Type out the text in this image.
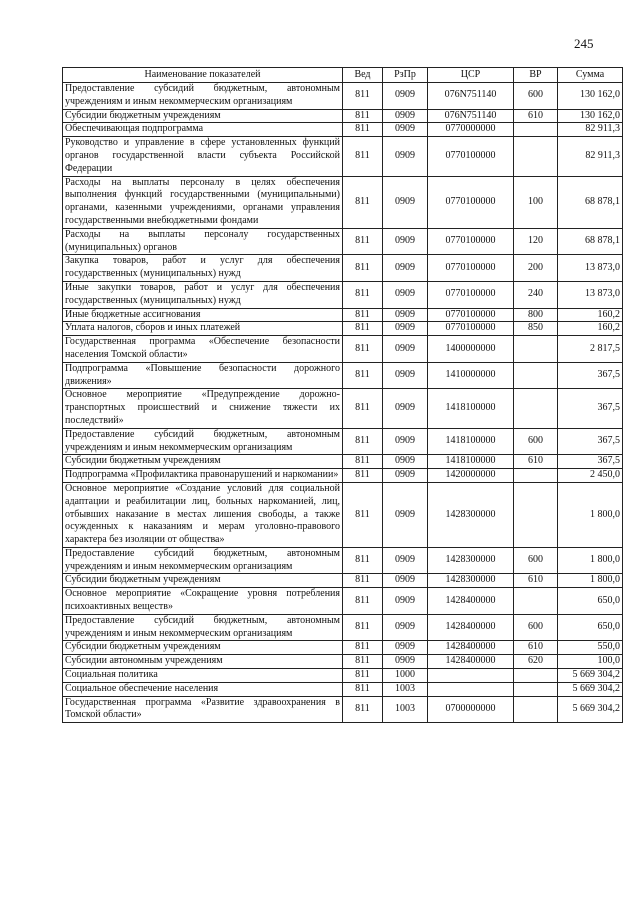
245
Наименование показателей	Вед	РзПр	ЦСР	ВР	Сумма
Предоставление субсидий бюджетным, автономным учреждениям и иным некоммерческим организациям	811	0909	076N751140	600	130 162,0
Субсидии бюджетным учреждениям	811	0909	076N751140	610	130 162,0
Обеспечивающая подпрограмма	811	0909	0770000000		82 911,3
Руководство и управление в сфере установленных функций органов государственной власти субъекта Российской Федерации	811	0909	0770100000		82 911,3
Расходы на выплаты персоналу в целях обеспечения выполнения функций государственными (муниципальными) органами, казенными учреждениями, органами управления государственными внебюджетными фондами	811	0909	0770100000	100	68 878,1
Расходы на выплаты персоналу государственных (муниципальных) органов	811	0909	0770100000	120	68 878,1
Закупка товаров, работ и услуг для обеспечения государственных (муниципальных) нужд	811	0909	0770100000	200	13 873,0
Иные закупки товаров, работ и услуг для обеспечения государственных (муниципальных) нужд	811	0909	0770100000	240	13 873,0
Иные бюджетные ассигнования	811	0909	0770100000	800	160,2
Уплата налогов, сборов и иных платежей	811	0909	0770100000	850	160,2
Государственная программа «Обеспечение безопасности населения Томской области»	811	0909	1400000000		2 817,5
Подпрограмма «Повышение безопасности дорожного движения»	811	0909	1410000000		367,5
Основное мероприятие «Предупреждение дорожно-транспортных происшествий и снижение тяжести их последствий»	811	0909	1418100000		367,5
Предоставление субсидий бюджетным, автономным учреждениям и иным некоммерческим организациям	811	0909	1418100000	600	367,5
Субсидии бюджетным учреждениям	811	0909	1418100000	610	367,5
Подпрограмма «Профилактика правонарушений и наркомании»	811	0909	1420000000		2 450,0
Основное мероприятие «Создание условий для социальной адаптации и реабилитации лиц, больных наркоманией, лиц, отбывших наказание в местах лишения свободы, а также осужденных к наказаниям и мерам уголовно-правового характера без изоляции от общества»	811	0909	1428300000		1 800,0
Предоставление субсидий бюджетным, автономным учреждениям и иным некоммерческим организациям	811	0909	1428300000	600	1 800,0
Субсидии бюджетным учреждениям	811	0909	1428300000	610	1 800,0
Основное мероприятие «Сокращение уровня потребления психоактивных веществ»	811	0909	1428400000		650,0
Предоставление субсидий бюджетным, автономным учреждениям и иным некоммерческим организациям	811	0909	1428400000	600	650,0
Субсидии бюджетным учреждениям	811	0909	1428400000	610	550,0
Субсидии автономным учреждениям	811	0909	1428400000	620	100,0
Социальная политика	811	1000			5 669 304,2
Социальное обеспечение населения	811	1003			5 669 304,2
Государственная программа «Развитие здравоохранения в Томской области»	811	1003	0700000000		5 669 304,2
